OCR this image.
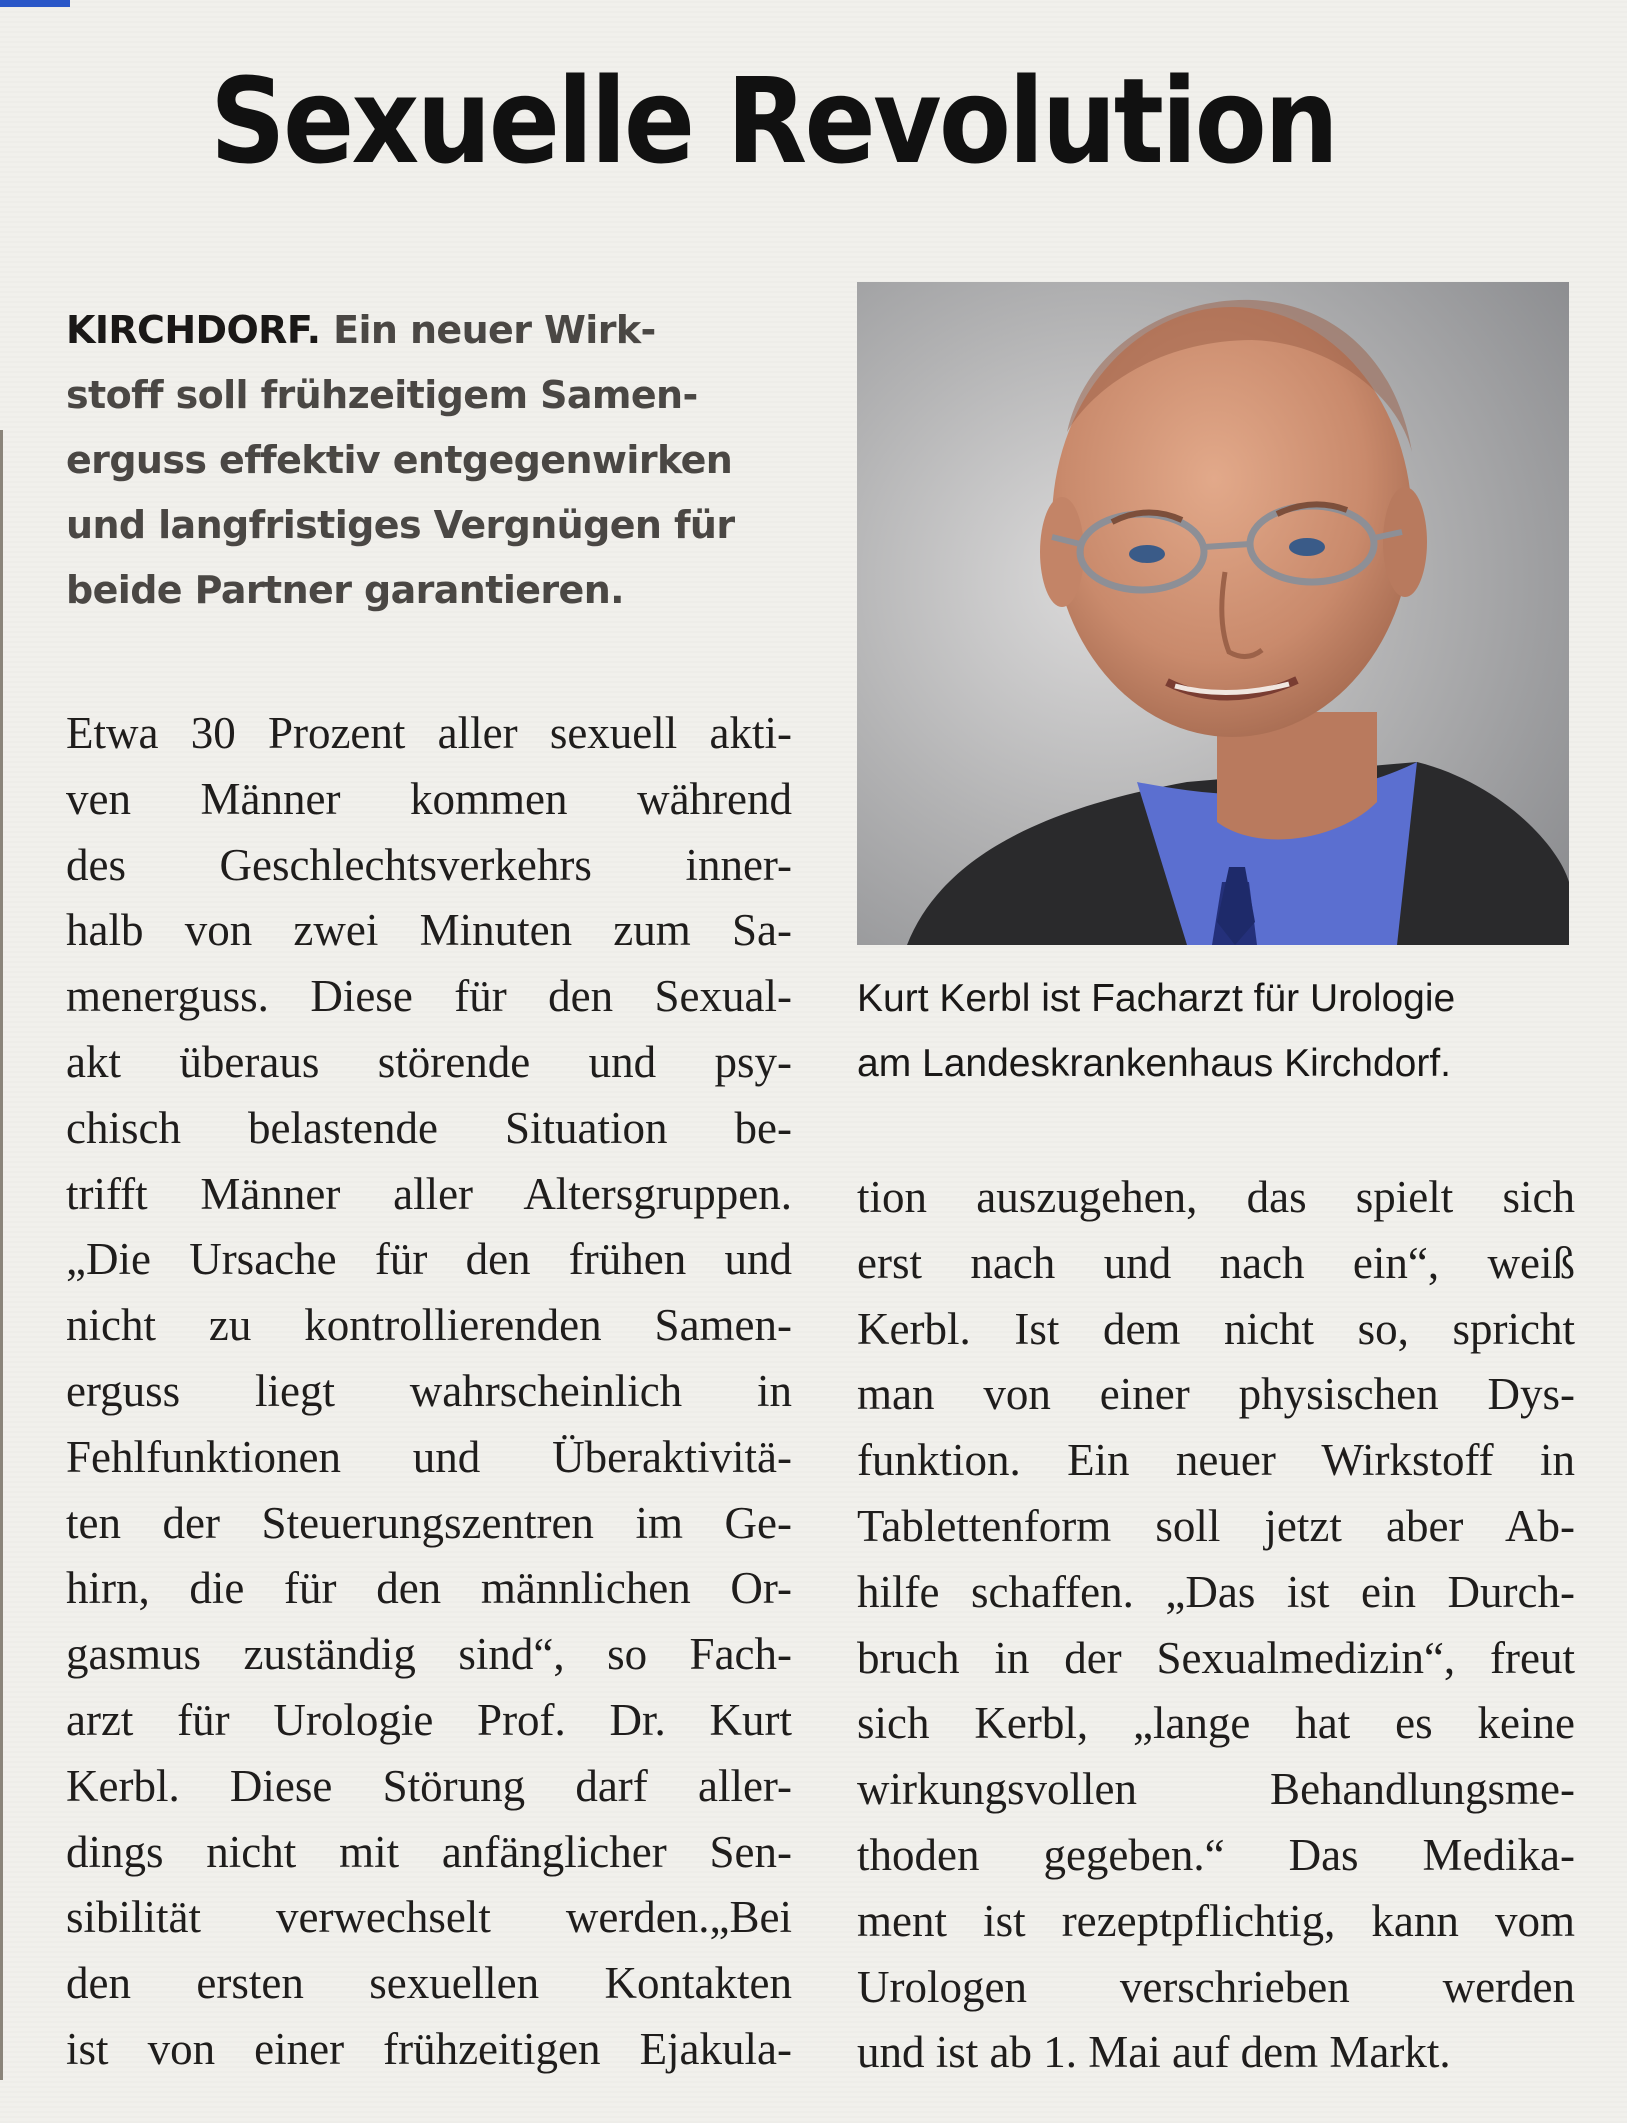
Sexuelle Revolution

KIRCHDORF. Ein neuer Wirk-
stoff soll frühzeitigem Samen-
erguss effektiv entgegenwirken
und langfristiges Vergnügen für
beide Partner garantieren.

Etwa 30 Prozent aller sexuell akti-
ven Männer kommen während
des Geschlechtsverkehrs inner-
halb von zwei Minuten zum Sa-
menerguss. Diese für den Sexual-
akt überaus störende und psy-
chisch belastende Situation be-
trifft Männer aller Altersgruppen.
„Die Ursache für den frühen und
nicht zu kontrollierenden Samen-
erguss liegt wahrscheinlich in
Fehlfunktionen und Überaktivitä-
ten der Steuerungszentren im Ge-
hirn, die für den männlichen Or-
gasmus zuständig sind“, so Fach-
arzt für Urologie Prof. Dr. Kurt
Kerbl. Diese Störung darf aller-
dings nicht mit anfänglicher Sen-
sibilität verwechselt werden.„Bei
den ersten sexuellen Kontakten
ist von einer frühzeitigen Ejakula-

Kurt Kerbl ist Facharzt für Urologie
am Landeskrankenhaus Kirchdorf.

tion auszugehen, das spielt sich
erst nach und nach ein“, weiß
Kerbl. Ist dem nicht so, spricht
man von einer physischen Dys-
funktion. Ein neuer Wirkstoff in
Tablettenform soll jetzt aber Ab-
hilfe schaffen. „Das ist ein Durch-
bruch in der Sexualmedizin“, freut
sich Kerbl, „lange hat es keine
wirkungsvollen Behandlungsme-
thoden gegeben.“ Das Medika-
ment ist rezeptpflichtig, kann vom
Urologen verschrieben werden
und ist ab 1. Mai auf dem Markt.
